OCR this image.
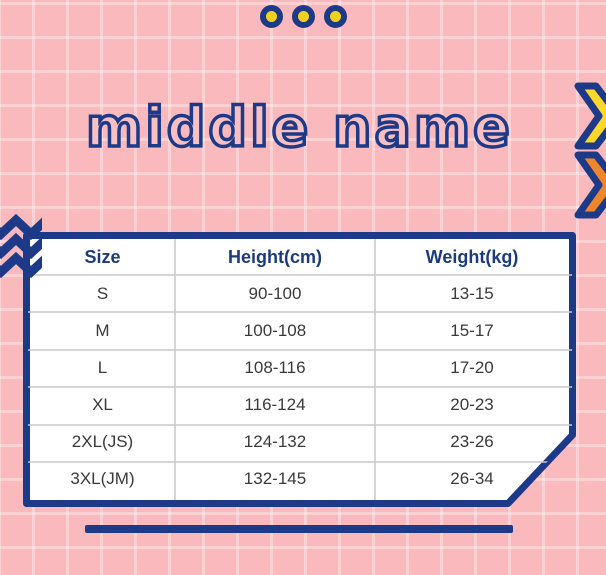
middle name
Size	Height(cm)	Weight(kg)
S	90-100	13-15
M	100-108	15-17
L	108-116	17-20
XL	116-124	20-23
2XL(JS)	124-132	23-26
3XL(JM)	132-145	26-34
